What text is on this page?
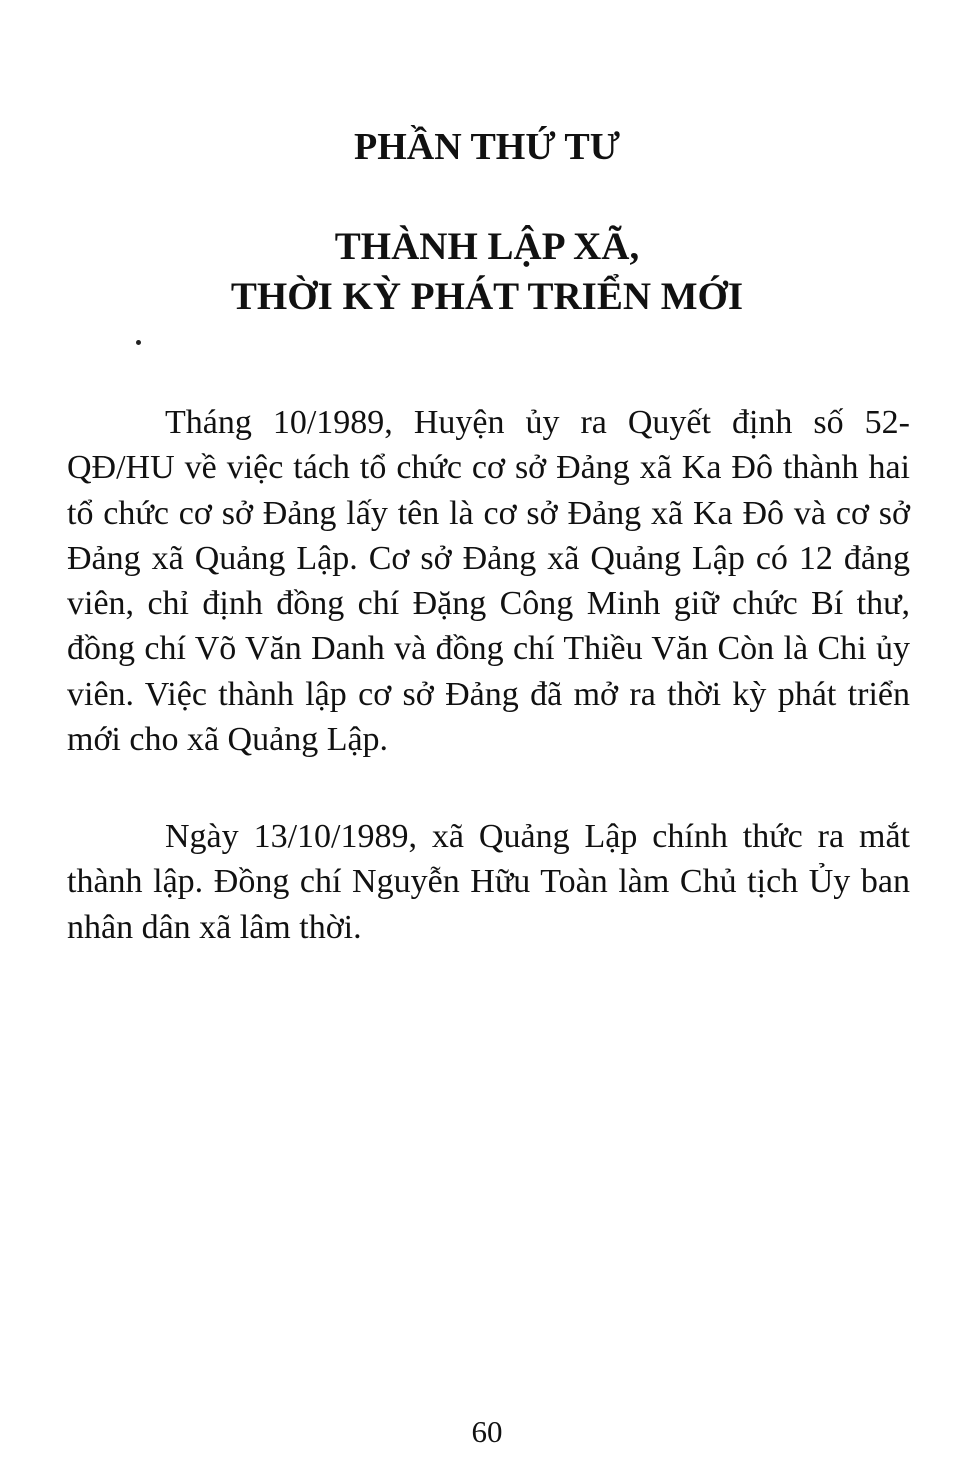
PHẦN THỨ TƯ
THÀNH LẬP XÃ,
THỜI KỲ PHÁT TRIỂN MỚI

Tháng 10/1989, Huyện ủy ra Quyết định số 52-QĐ/HU về việc tách tổ chức cơ sở Đảng xã Ka Đô thành hai tổ chức cơ sở Đảng lấy tên là cơ sở Đảng xã Ka Đô và cơ sở Đảng xã Quảng Lập. Cơ sở Đảng xã Quảng Lập có 12 đảng viên, chỉ định đồng chí Đặng Công Minh giữ chức Bí thư, đồng chí Võ Văn Danh và đồng chí Thiều Văn Còn là Chi ủy viên. Việc thành lập cơ sở Đảng đã mở ra thời kỳ phát triển mới cho xã Quảng Lập.

Ngày 13/10/1989, xã Quảng Lập chính thức ra mắt thành lập. Đồng chí Nguyễn Hữu Toàn làm Chủ tịch Ủy ban nhân dân xã lâm thời.

60
